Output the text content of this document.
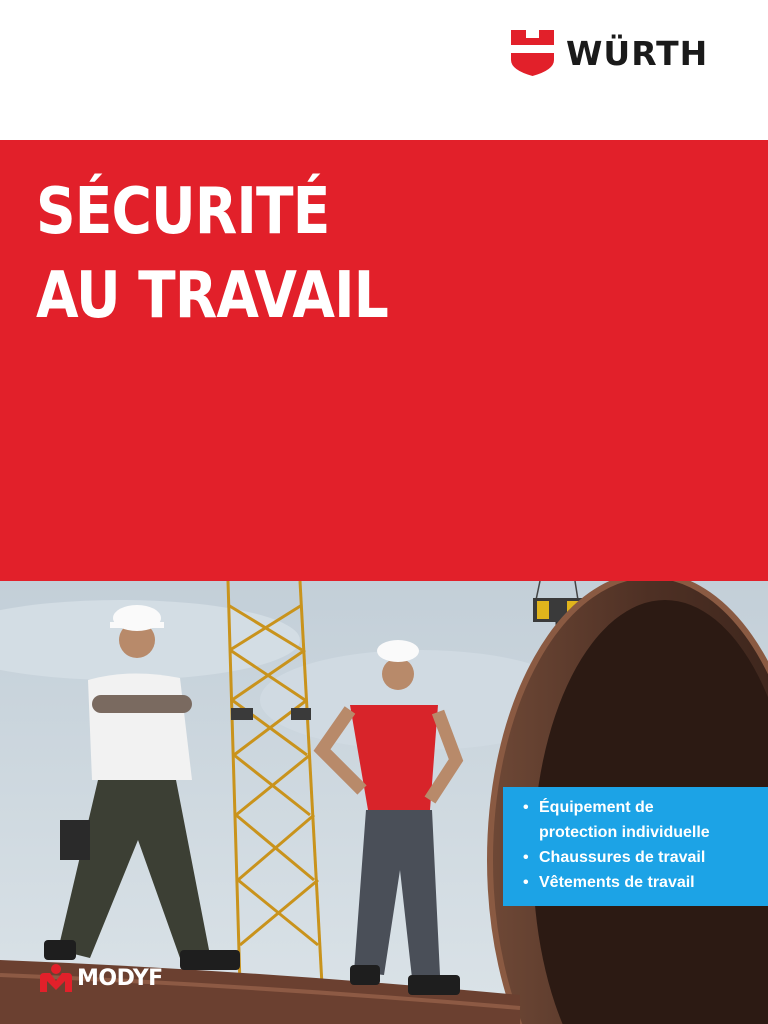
WÜRTH
SÉCURITÉ
AU TRAVAIL
• Équipement de
protection individuelle
• Chaussures de travail
• Vêtements de travail
MODYF
